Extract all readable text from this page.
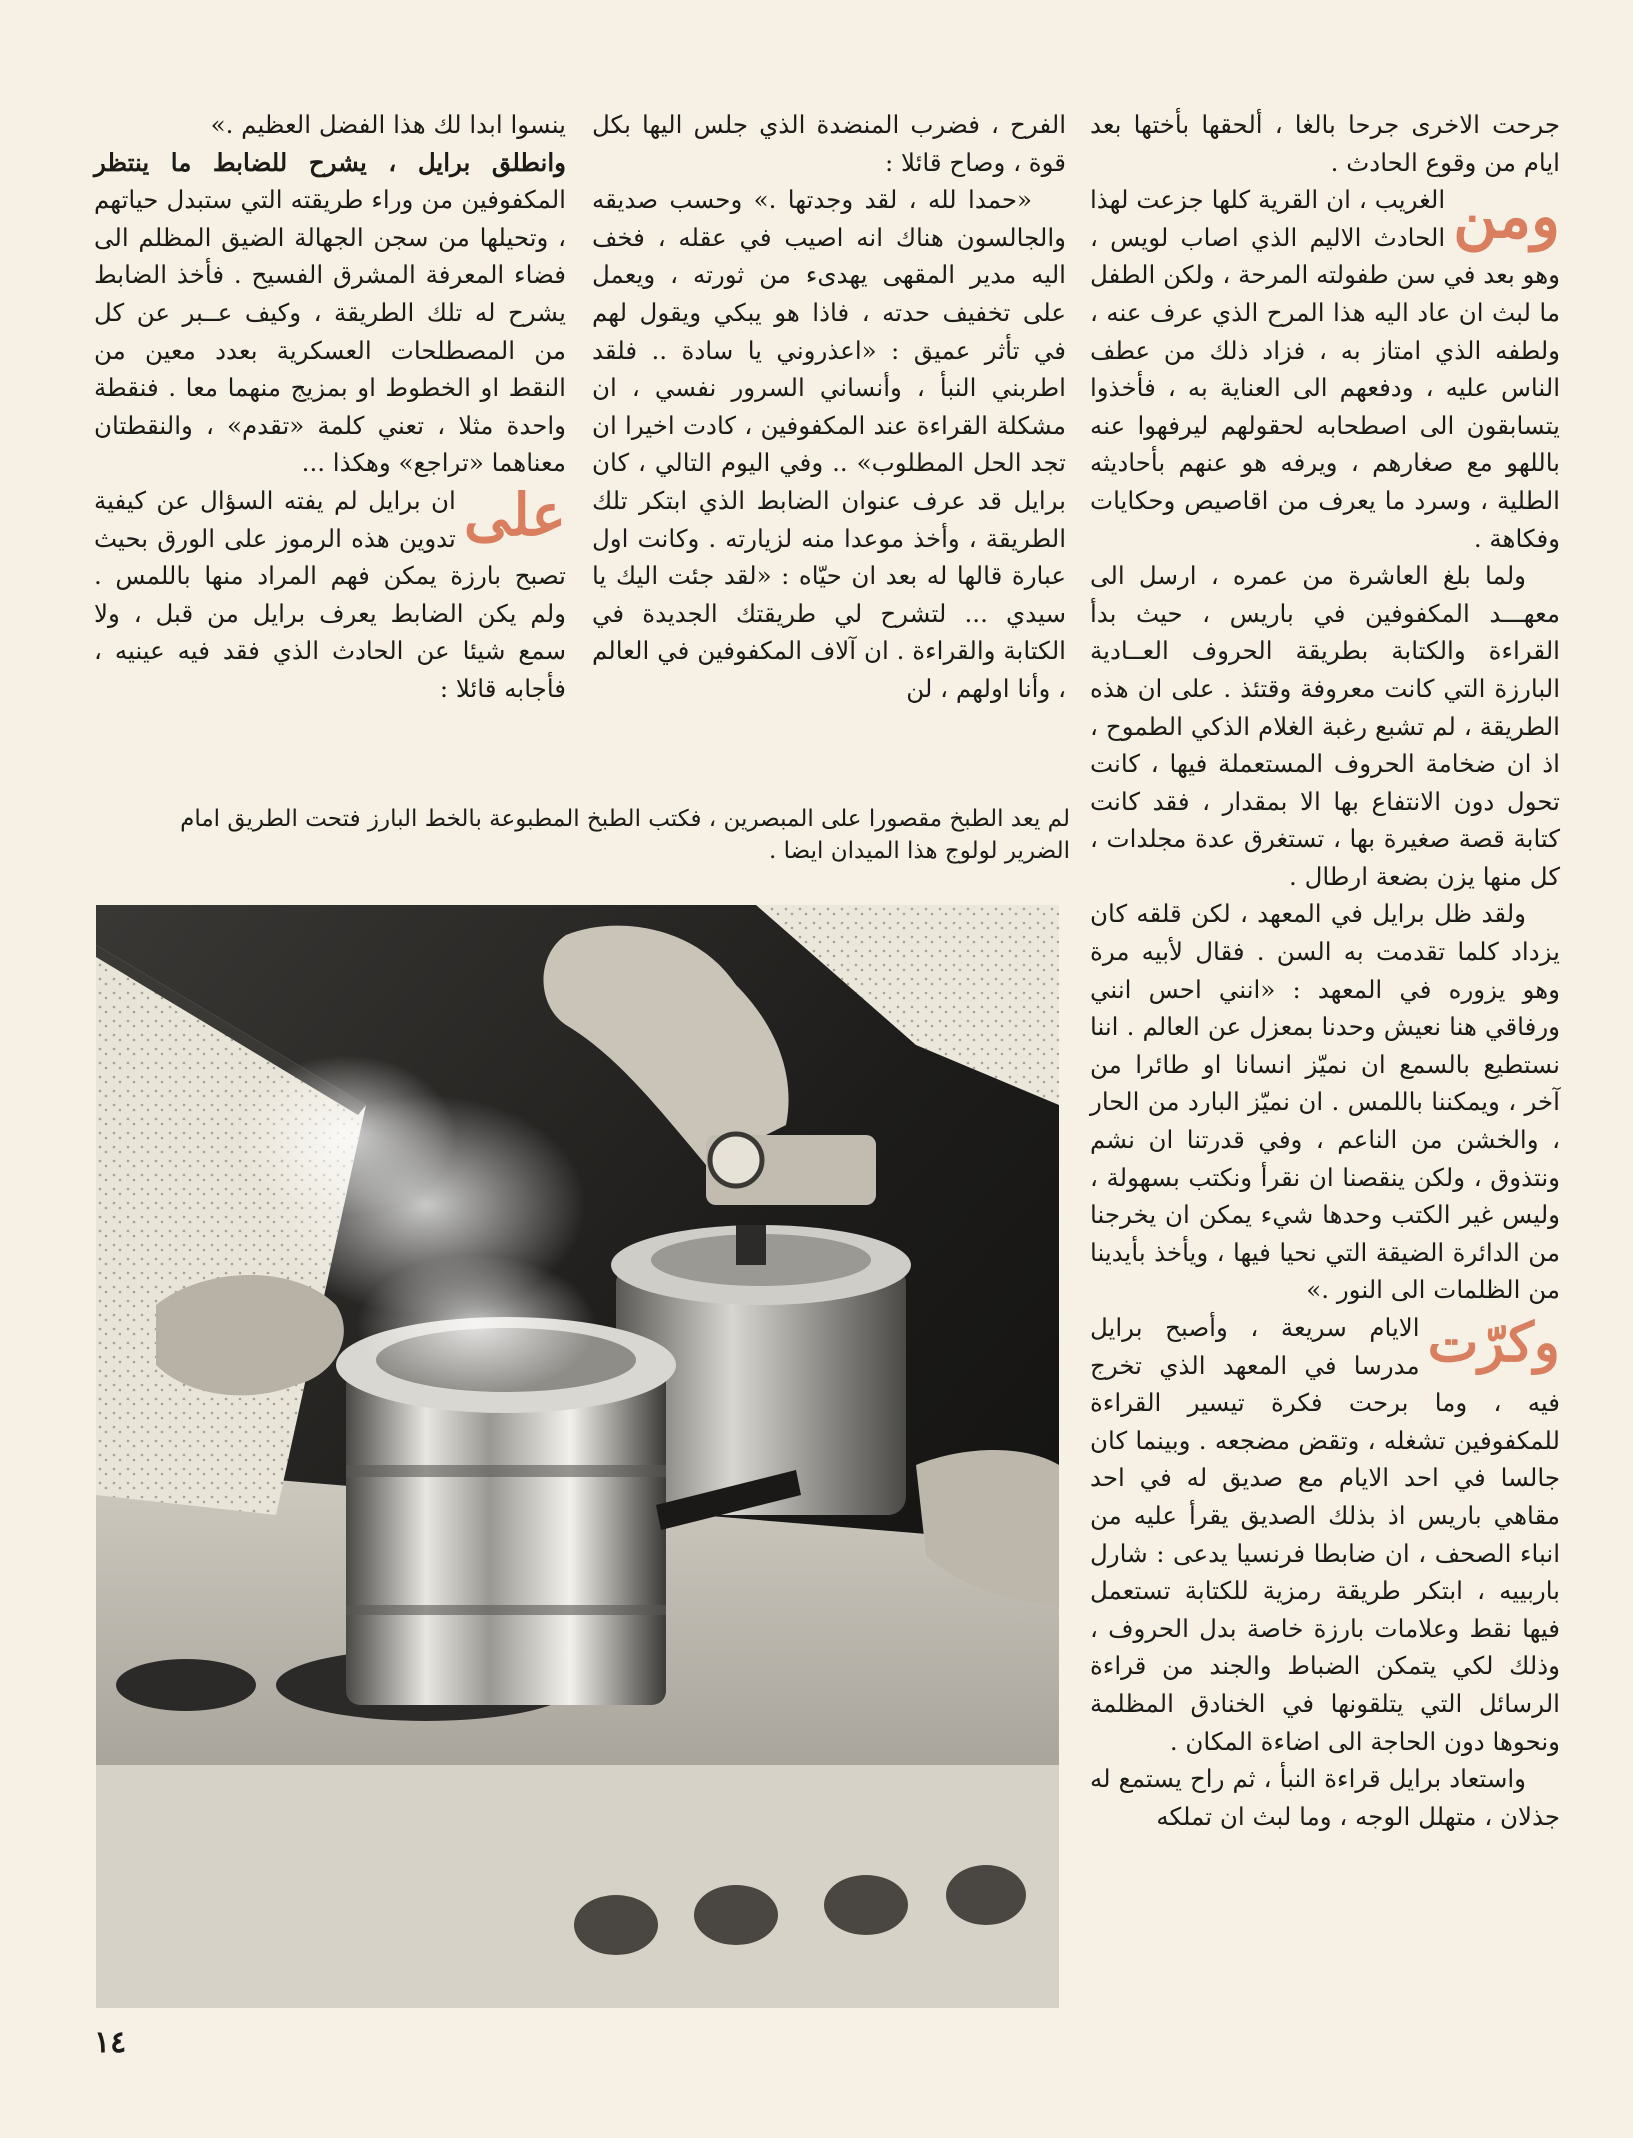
ينسوا ابدا لك هذا الفضل العظيم .»

وانطلق برايل ، يشرح للضابط ما ينتظر المكفوفين من وراء طريقته التي ستبدل حياتهم ، وتحيلها من سجن الجهالة الضيق المظلم الى فضاء المعرفة المشرق الفسيح . فأخذ الضابط يشرح له تلك الطريقة ، وكيف عــبر عن كل من المصطلحات العسكرية بعدد معين من النقط او الخطوط او بمزيج منهما معا . فنقطة واحدة مثلا ، تعني كلمة «تقدم» ، والنقطتان معناهما «تراجع» وهكذا ...

على
ان برايل لم يفته السؤال عن كيفية تدوين هذه الرموز على الورق بحيث تصبح بارزة يمكن فهم المراد منها باللمس . ولم يكن الضابط يعرف برايل من قبل ، ولا سمع شيئا عن الحادث الذي فقد فيه عينيه ، فأجابه قائلا :

الفرح ، فضرب المنضدة الذي جلس اليها بكل قوة ، وصاح قائلا :

«حمدا لله ، لقد وجدتها .» وحسب صديقه والجالسون هناك انه اصيب في عقله ، فخف اليه مدير المقهى يهدىء من ثورته ، ويعمل على تخفيف حدته ، فاذا هو يبكي ويقول لهم في تأثر عميق : «اعذروني يا سادة .. فلقد اطربني النبأ ، وأنساني السرور نفسي ، ان مشكلة القراءة عند المكفوفين ، كادت اخيرا ان تجد الحل المطلوب» .. وفي اليوم التالي ، كان برايل قد عرف عنوان الضابط الذي ابتكر تلك الطريقة ، وأخذ موعدا منه لزيارته . وكانت اول عبارة قالها له بعد ان حيّاه : «لقد جئت اليك يا سيدي ... لتشرح لي طريقتك الجديدة في الكتابة والقراءة . ان آلاف المكفوفين في العالم ، وأنا اولهم ، لن

جرحت الاخرى جرحا بالغا ، ألحقها بأختها بعد ايام من وقوع الحادث .

ومن
الغريب ، ان القرية كلها جزعت لهذا الحادث الاليم الذي اصاب لويس ، وهو بعد في سن طفولته المرحة ، ولكن الطفل ما لبث ان عاد اليه هذا المرح الذي عرف عنه ، ولطفه الذي امتاز به ، فزاد ذلك من عطف الناس عليه ، ودفعهم الى العناية به ، فأخذوا يتسابقون الى اصطحابه لحقولهم ليرفهوا عنه باللهو مع صغارهم ، ويرفه هو عنهم بأحاديثه الطلية ، وسرد ما يعرف من اقاصيص وحكايات وفكاهة .

ولما بلغ العاشرة من عمره ، ارسل الى معهـــد المكفوفين في باريس ، حيث بدأ القراءة والكتابة بطريقة الحروف العــادية البارزة التي كانت معروفة وقتئذ . على ان هذه الطريقة ، لم تشبع رغبة الغلام الذكي الطموح ، اذ ان ضخامة الحروف المستعملة فيها ، كانت تحول دون الانتفاع بها الا بمقدار ، فقد كانت كتابة قصة صغيرة بها ، تستغرق عدة مجلدات ، كل منها يزن بضعة ارطال .

ولقد ظل برايل في المعهد ، لكن قلقه كان يزداد كلما تقدمت به السن . فقال لأبيه مرة وهو يزوره في المعهد : «انني احس انني ورفاقي هنا نعيش وحدنا بمعزل عن العالم . اننا نستطيع بالسمع ان نميّز انسانا او طائرا من آخر ، ويمكننا باللمس . ان نميّز البارد من الحار ، والخشن من الناعم ، وفي قدرتنا ان نشم ونتذوق ، ولكن ينقصنا ان نقرأ ونكتب بسهولة ، وليس غير الكتب وحدها شيء يمكن ان يخرجنا من الدائرة الضيقة التي نحيا فيها ، ويأخذ بأيدينا من الظلمات الى النور .»

وكرّت
الايام سريعة ، وأصبح برايل مدرسا في المعهد الذي تخرج فيه ، وما برحت فكرة تيسير القراءة للمكفوفين تشغله ، وتقض مضجعه . وبينما كان جالسا في احد الايام مع صديق له في احد مقاهي باريس اذ بذلك الصديق يقرأ عليه من انباء الصحف ، ان ضابطا فرنسيا يدعى : شارل باربييه ، ابتكر طريقة رمزية للكتابة تستعمل فيها نقط وعلامات بارزة خاصة بدل الحروف ، وذلك لكي يتمكن الضباط والجند من قراءة الرسائل التي يتلقونها في الخنادق المظلمة ونحوها دون الحاجة الى اضاءة المكان .

واستعاد برايل قراءة النبأ ، ثم راح يستمع له جذلان ، متهلل الوجه ، وما لبث ان تملكه

لم يعد الطبخ مقصورا على المبصرين ، فكتب الطبخ المطبوعة بالخط البارز فتحت الطريق امام الضرير لولوج هذا الميدان ايضا .
١٤
